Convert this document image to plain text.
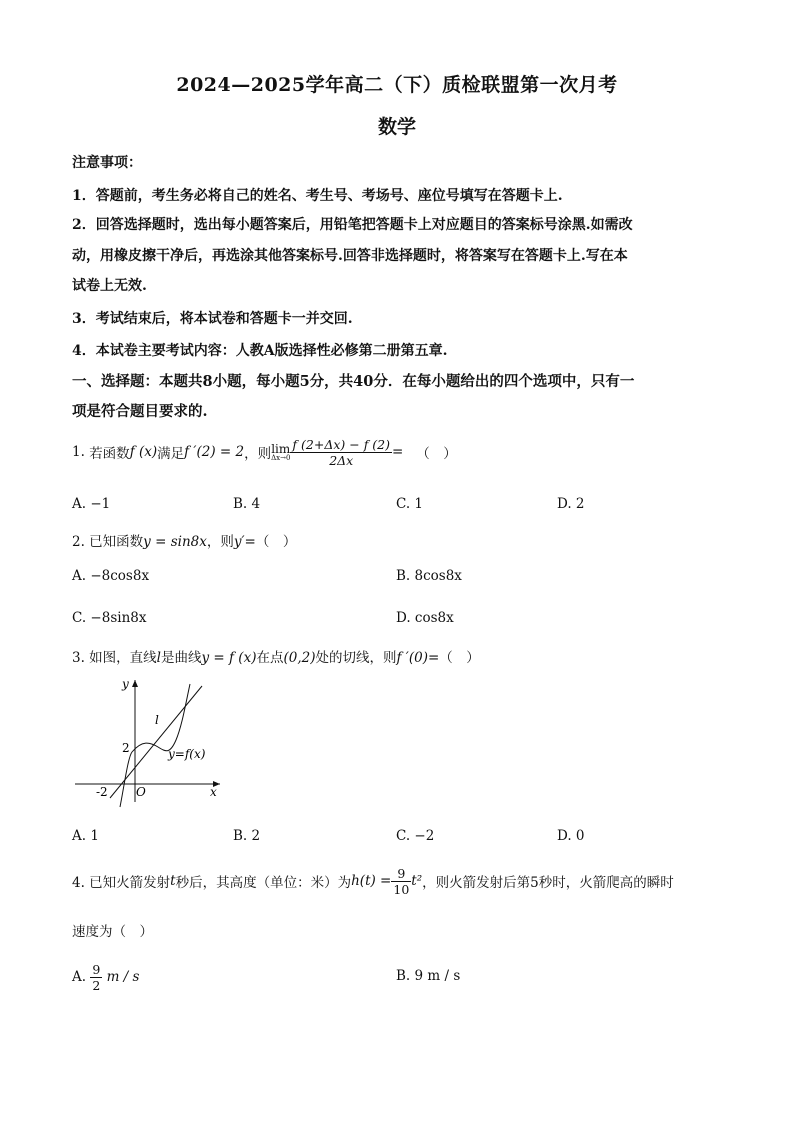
2024—2025学年高二（下）质检联盟第一次月考
数学
注意事项：
1．答题前，考生务必将自己的姓名、考生号、考场号、座位号填写在答题卡上.
2．回答选择题时，选出每小题答案后，用铅笔把答题卡上对应题目的答案标号涂黑.如需改
动，用橡皮擦干净后，再选涂其他答案标号.回答非选择题时，将答案写在答题卡上.写在本
试卷上无效.
3．考试结束后，将本试卷和答题卡一并交回.
4．本试卷主要考试内容：人教A版选择性必修第二册第五章.
一、选择题：本题共8小题，每小题5分，共40分．在每小题给出的四个选项中，只有一
项是符合题目要求的.
1.
若函数 f (x) 满足 f ′(2) = 2 ，则 lim
$\Delta x\to 0 \frac{f (2+\Delta x) - f (2)}{2\Delta x}$ =
（　）
A. −1	B. 4	C. 1	D. 2
2. 已知函数y = sin8x，则y′=（　）
A. −8cos8x	B. 8cos8x
C. −8sin8x	D. cos8x
3. 如图，直线l是曲线y = f (x)在点(0,2)处的切线，则f ′(0)=（　）
y
x
O
2
-2
l
y=f(x)
A. 1	B. 2	C. −2	D. 0
4. 已知火箭发射 t 秒后，其高度（单位：米）为 $h(t) = \frac{9}{10} t^2$ ，则火箭发射后第5秒时，火箭爬高的瞬时
速度为（　）
A.
$\frac{9}{2}$
m / s	B. 9 m / s
